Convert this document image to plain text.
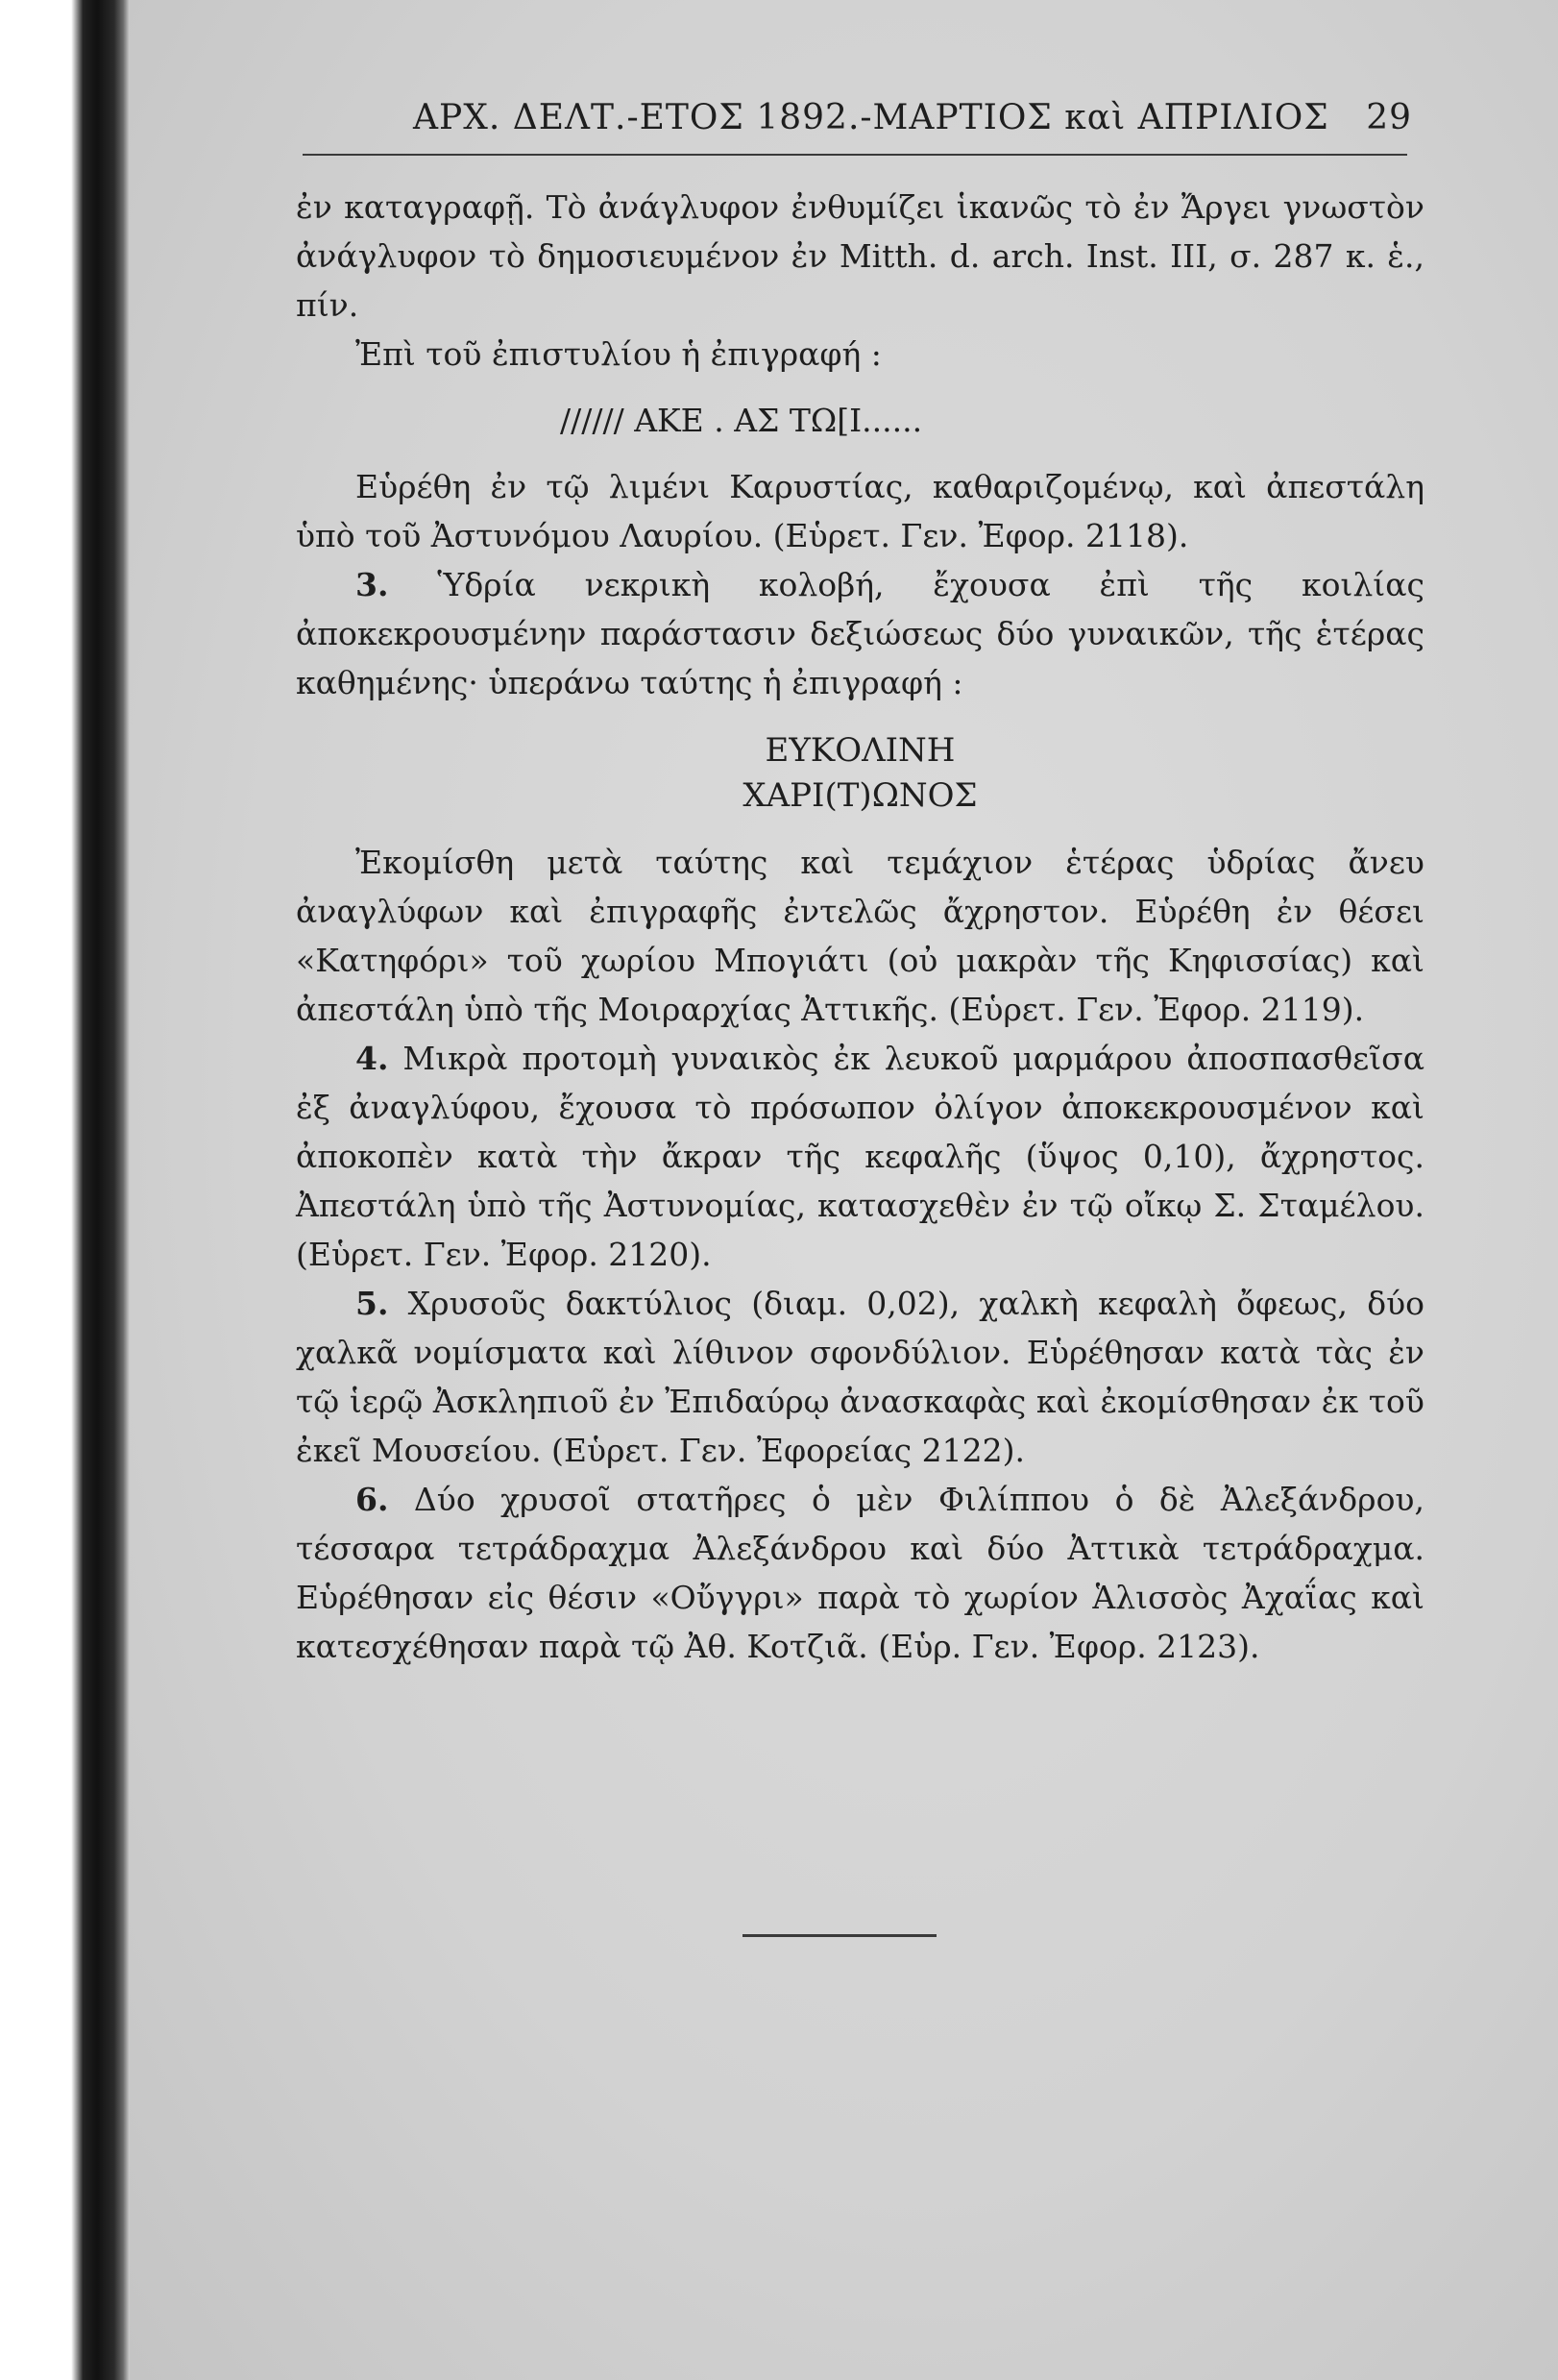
ΑΡΧ. ΔΕΛΤ.-ΕΤΟΣ 1892.-ΜΑΡΤΙΟΣ καὶ ΑΠΡΙΛΙΟΣ 29

ἐν καταγραφῇ. Τὸ ἀνάγλυφον ἐνθυμίζει ἱκανῶς τὸ ἐν Ἄργει γνωστὸν ἀνάγλυφον τὸ δημοσιευμένον ἐν Mitth. d. arch. Inst. III, σ. 287 κ. ἑ., πίν.

Ἐπὶ τοῦ ἐπιστυλίου ἡ ἐπιγραφή :

////// ΑΚΕ . ΑΣ ΤΩ[Ι......

Εὑρέθη ἐν τῷ λιμένι Καρυστίας, καθαριζομένῳ, καὶ ἀπεστάλη ὑπὸ τοῦ Ἀστυνόμου Λαυρίου. (Εὑρετ. Γεν. Ἐφορ. 2118).

3. Ὑδρία νεκρικὴ κολοβή, ἔχουσα ἐπὶ τῆς κοιλίας ἀποκεκρουσμένην παράστασιν δεξιώσεως δύο γυναικῶν, τῆς ἑτέρας καθημένης· ὑπεράνω ταύτης ἡ ἐπιγραφή :

ΕΥΚΟΛΙΝΗ
ΧΑΡΙ(Τ)ΩΝΟΣ

Ἐκομίσθη μετὰ ταύτης καὶ τεμάχιον ἑτέρας ὑδρίας ἄνευ ἀναγλύφων καὶ ἐπιγραφῆς ἐντελῶς ἄχρηστον. Εὑρέθη ἐν θέσει «Κατηφόρι» τοῦ χωρίου Μπογιάτι (οὐ μακρὰν τῆς Κηφισσίας) καὶ ἀπεστάλη ὑπὸ τῆς Μοιραρχίας Ἀττικῆς. (Εὑρετ. Γεν. Ἐφορ. 2119).

4. Μικρὰ προτομὴ γυναικὸς ἐκ λευκοῦ μαρμάρου ἀποσπασθεῖσα ἐξ ἀναγλύφου, ἔχουσα τὸ πρόσωπον ὀλίγον ἀποκεκρουσμένον καὶ ἀποκοπὲν κατὰ τὴν ἄκραν τῆς κεφαλῆς (ὕψος 0,10), ἄχρηστος. Ἀπεστάλη ὑπὸ τῆς Ἀστυνομίας, κατασχεθὲν ἐν τῷ οἴκῳ Σ. Σταμέλου. (Εὑρετ. Γεν. Ἐφορ. 2120).

5. Χρυσοῦς δακτύλιος (διαμ. 0,02), χαλκὴ κεφαλὴ ὄφεως, δύο χαλκᾶ νομίσματα καὶ λίθινον σφονδύλιον. Εὑρέθησαν κατὰ τὰς ἐν τῷ ἱερῷ Ἀσκληπιοῦ ἐν Ἐπιδαύρῳ ἀνασκαφὰς καὶ ἐκομίσθησαν ἐκ τοῦ ἐκεῖ Μουσείου. (Εὑρετ. Γεν. Ἐφορείας 2122).

6. Δύο χρυσοῖ στατῆρες ὁ μὲν Φιλίππου ὁ δὲ Ἀλεξάνδρου, τέσσαρα τετράδραχμα Ἀλεξάνδρου καὶ δύο Ἀττικὰ τετράδραχμα. Εὑρέθησαν εἰς θέσιν «Οὔγγρι» παρὰ τὸ χωρίον Ἁλισσὸς Ἀχαΐας καὶ κατεσχέθησαν παρὰ τῷ Ἀθ. Κοτζιᾶ. (Εὑρ. Γεν. Ἐφορ. 2123).
